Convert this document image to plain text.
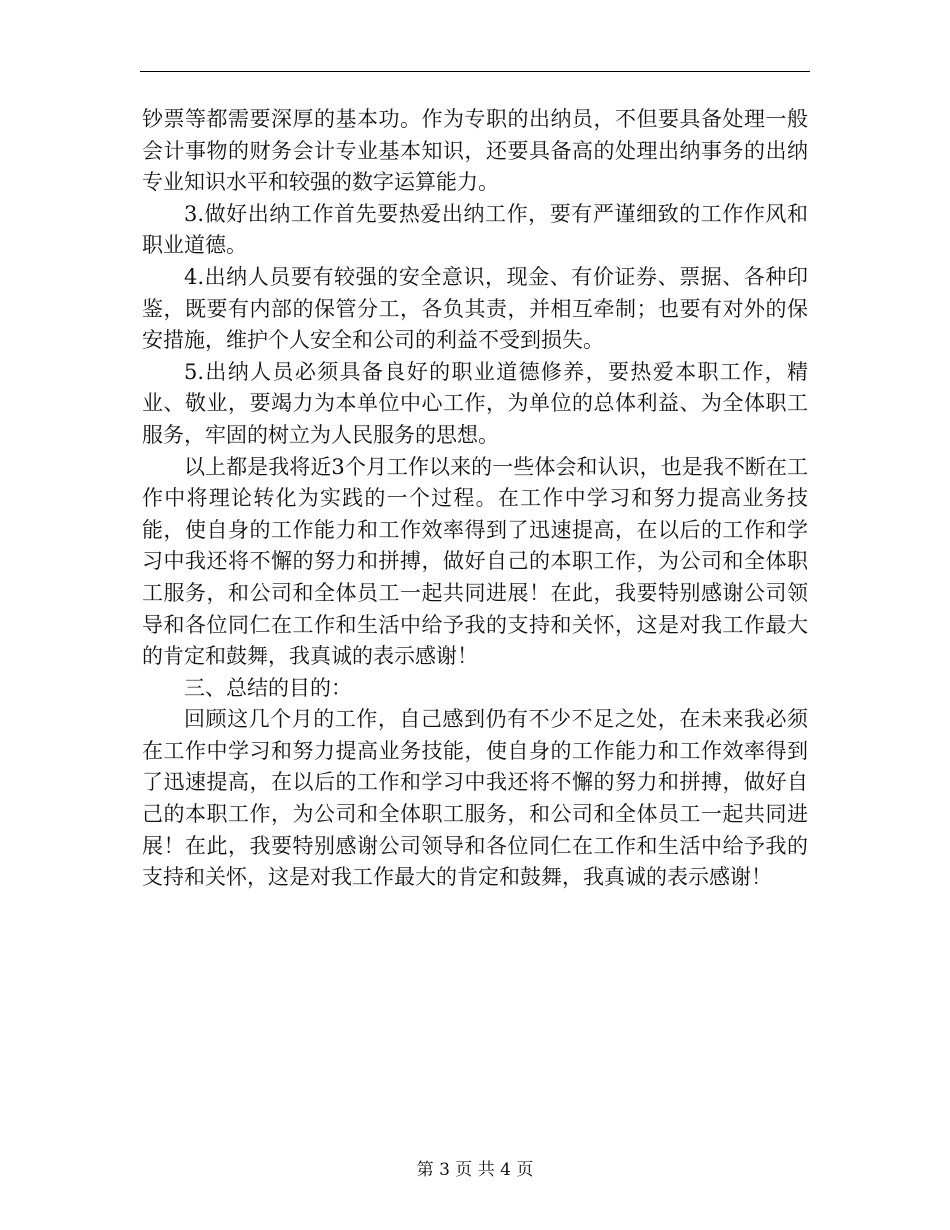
钞票等都需要深厚的基本功。作为专职的出纳员，不但要具备处理一般会计事物的财务会计专业基本知识，还要具备高的处理出纳事务的出纳专业知识水平和较强的数字运算能力。

3.做好出纳工作首先要热爱出纳工作，要有严谨细致的工作作风和职业道德。

4.出纳人员要有较强的安全意识，现金、有价证券、票据、各种印鉴，既要有内部的保管分工，各负其责，并相互牵制；也要有对外的保安措施，维护个人安全和公司的利益不受到损失。

5.出纳人员必须具备良好的职业道德修养，要热爱本职工作，精业、敬业，要竭力为本单位中心工作，为单位的总体利益、为全体职工服务，牢固的树立为人民服务的思想。

以上都是我将近3个月工作以来的一些体会和认识，也是我不断在工作中将理论转化为实践的一个过程。在工作中学习和努力提高业务技能，使自身的工作能力和工作效率得到了迅速提高，在以后的工作和学习中我还将不懈的努力和拼搏，做好自己的本职工作，为公司和全体职工服务，和公司和全体员工一起共同进展！在此，我要特别感谢公司领导和各位同仁在工作和生活中给予我的支持和关怀，这是对我工作最大的肯定和鼓舞，我真诚的表示感谢！

三、总结的目的：

回顾这几个月的工作，自己感到仍有不少不足之处，在未来我必须在工作中学习和努力提高业务技能，使自身的工作能力和工作效率得到了迅速提高，在以后的工作和学习中我还将不懈的努力和拼搏，做好自己的本职工作，为公司和全体职工服务，和公司和全体员工一起共同进展！在此，我要特别感谢公司领导和各位同仁在工作和生活中给予我的支持和关怀，这是对我工作最大的肯定和鼓舞，我真诚的表示感谢！

第 3 页 共 4 页
